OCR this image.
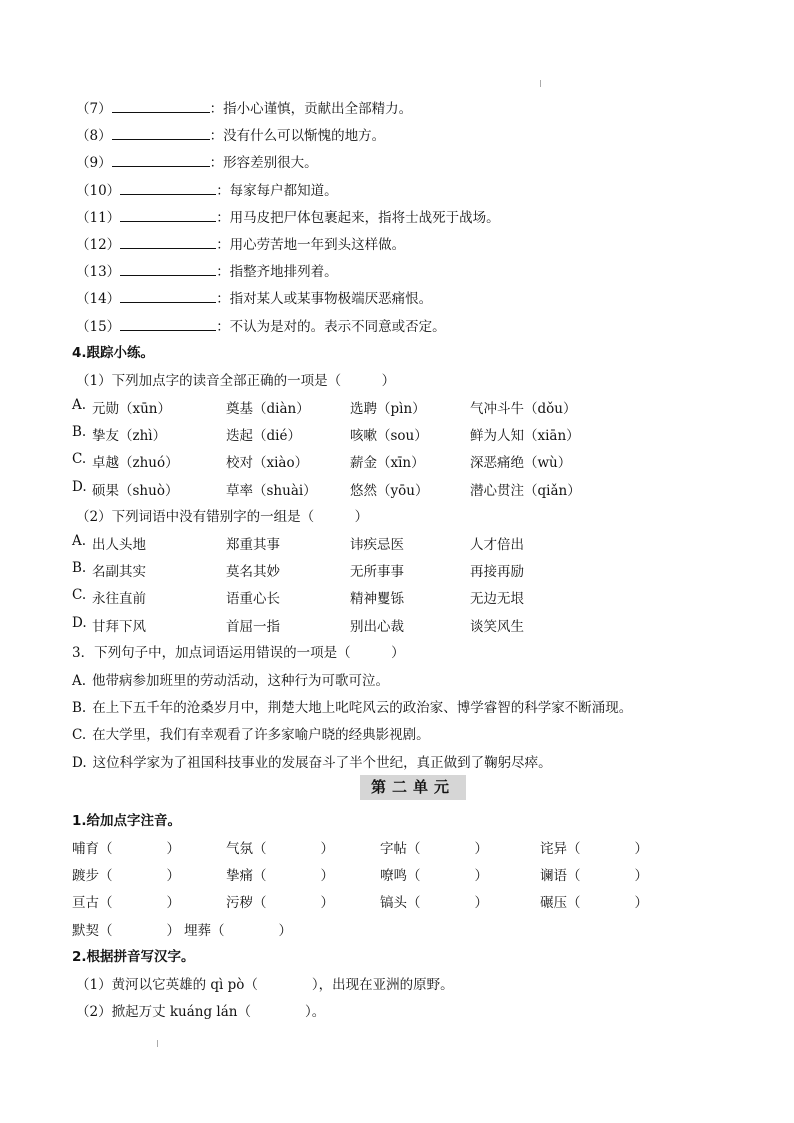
（7）	：指小心谨慎，贡献出全部精力。
（8）	：没有什么可以惭愧的地方。
（9）	：形容差别很大。
（10）	：每家每户都知道。
（11）	：用马皮把尸体包裹起来，指将士战死于战场。
（12）	：用心劳苦地一年到头这样做。
（13）	：指整齐地排列着。
（14）	：指对某人或某事物极端厌恶痛恨。
（15）	：不认为是对的。表示不同意或否定。
4.跟踪小练。
（1）下列加点字的读音全部正确的一项是（　　　）
A. 元勋（xūn）	奠基（diàn）	选聘（pìn）	气冲斗牛（dǒu）
B. 挚友（zhì）	迭起（dié）	咳嗽（sou）	鲜为人知（xiān）
C. 卓越（zhuó）	校对（xiào）	薪金（xīn）	深恶痛绝（wù）
D. 硕果（shuò）	草率（shuài） 悠然（yōu）	潜心贯注（qiǎn）
（2）下列词语中没有错别字的一组是（　　　）
A. 出人头地	郑重其事	讳疾忌医	人才倍出
B. 名副其实	莫名其妙	无所事事	再接再励
C. 永往直前	语重心长	精神矍铄	无边无垠
D. 甘拜下风	首屈一指	别出心裁	谈笑风生
3．下列句子中，加点词语运用错误的一项是（　　　）
A. 他带病参加班里的劳动活动，这种行为可歌可泣。
B. 在上下五千年的沧桑岁月中，荆楚大地上叱咤风云的政治家、博学睿智的科学家不断涌现。
C. 在大学里，我们有幸观看了许多家喻户晓的经典影视剧。
D. 这位科学家为了祖国科技事业的发展奋斗了半个世纪，真正做到了鞠躬尽瘁。
第二单元
1.给加点字注音。
哺育（　　　　）	气氛（　　　　）	字帖（　　　　）	诧异（　　　　）
踱步（　　　　）	挚痛（　　　　）	嘹鸣（　　　　）	谰语（　　　　）
亘古（　　　　）	污秽（　　　　）	镐头（　　　　）	碾压（　　　　）
默契（　　　　） 埋葬（　　　　）
2.根据拼音写汉字。
（1）黄河以它英雄的 qì pò（　　　　），出现在亚洲的原野。
（2）掀起万丈 kuáng lán（　　　　）。
